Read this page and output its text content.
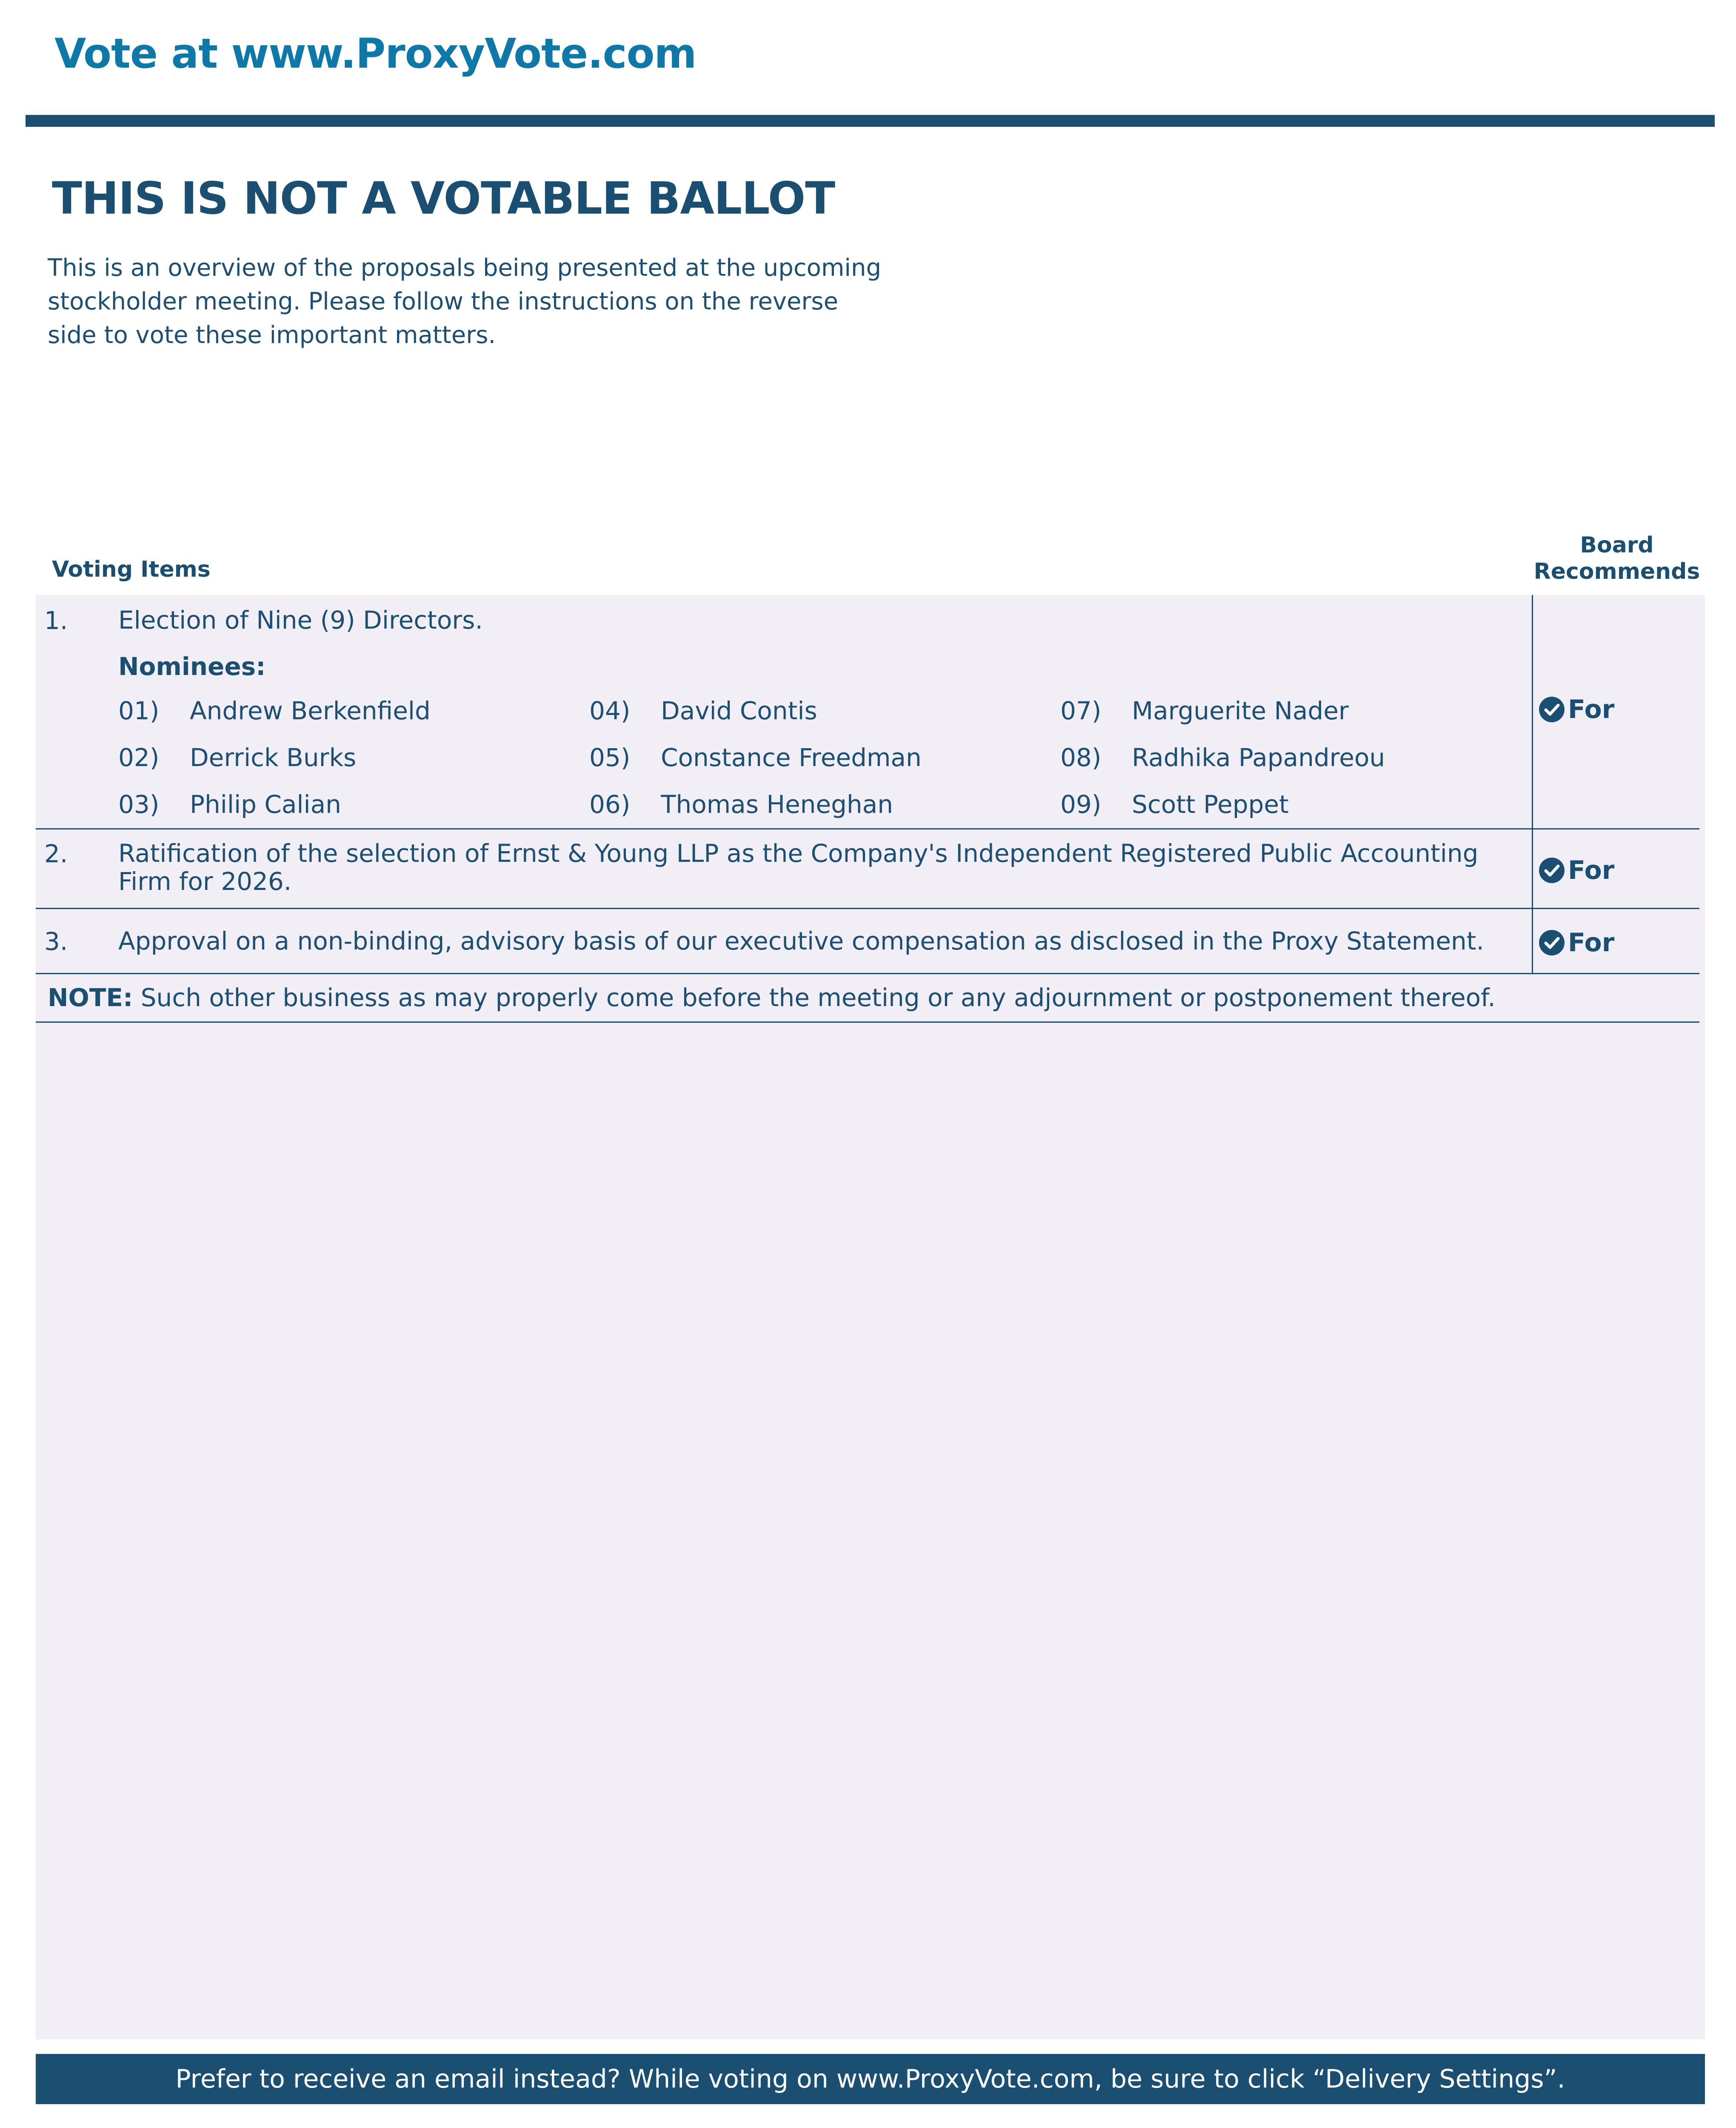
Vote at www.ProxyVote.com
THIS IS NOT A VOTABLE BALLOT
This is an overview of the proposals being presented at the upcoming stockholder meeting. Please follow the instructions on the reverse side to vote these important matters.
Voting Items
Board Recommends
1. Election of Nine (9) Directors.
Nominees:
01) Andrew Berkenfield
02) Derrick Burks
03) Philip Calian
04) David Contis
05) Constance Freedman
06) Thomas Heneghan
07) Marguerite Nader
08) Radhika Papandreou
09) Scott Peppet
For
2. Ratification of the selection of Ernst & Young LLP as the Company's Independent Registered Public Accounting Firm for 2026.	For
3. Approval on a non-binding, advisory basis of our executive compensation as disclosed in the Proxy Statement.	For
NOTE: Such other business as may properly come before the meeting or any adjournment or postponement thereof.
Prefer to receive an email instead? While voting on www.ProxyVote.com, be sure to click “Delivery Settings”.
